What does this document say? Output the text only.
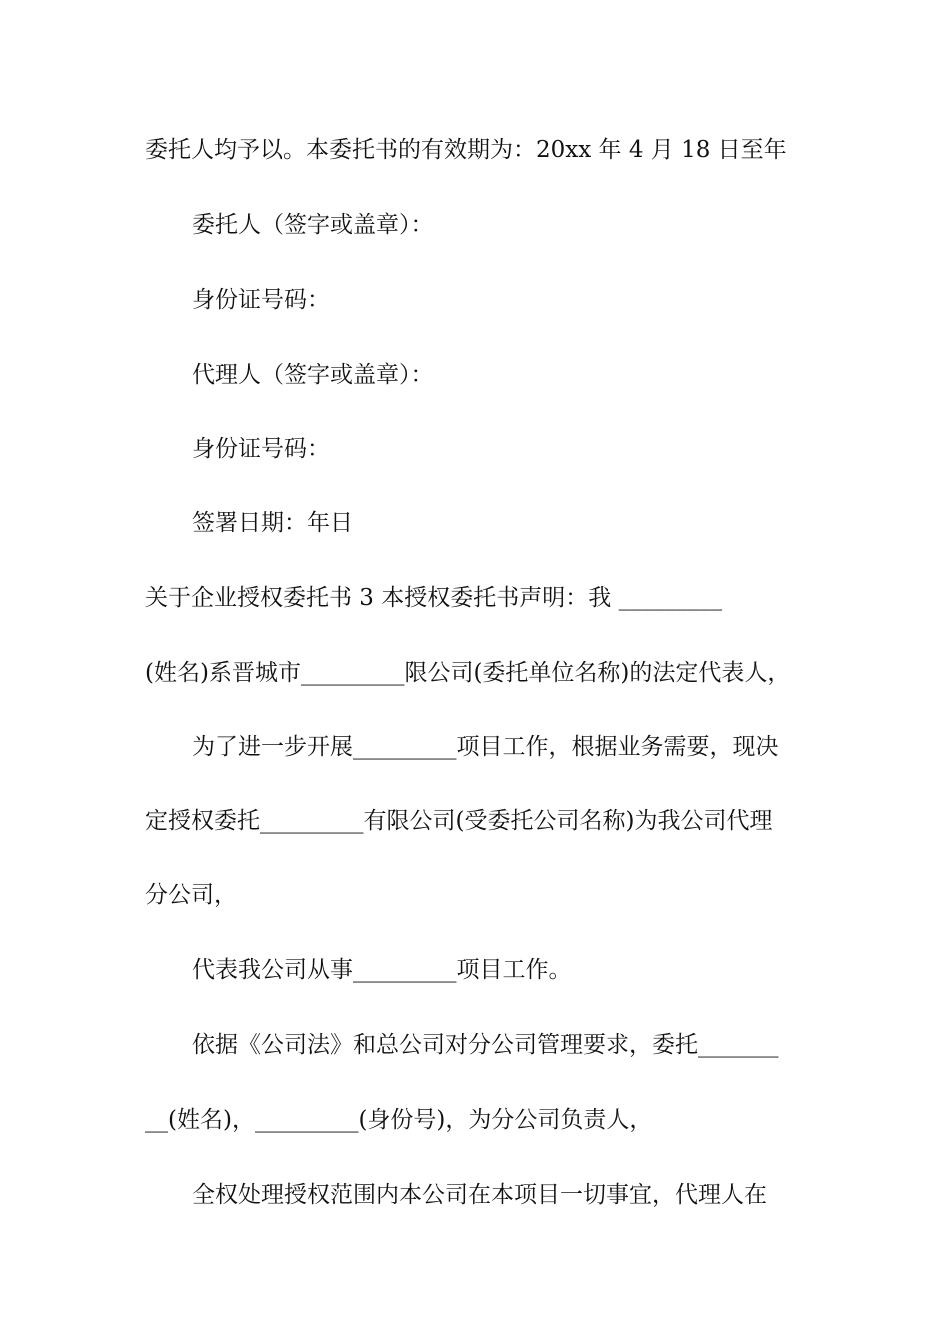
委托人均予以。本委托书的有效期为：20xx 年 4 月 18 日至年
委托人（签字或盖章）：
身份证号码：
代理人（签字或盖章）：
身份证号码：
签署日期：年日
关于企业授权委托书 3 本授权委托书声明：我 _________
(姓名)系晋城市_________限公司(委托单位名称)的法定代表人，
为了进一步开展_________项目工作，根据业务需要，现决
定授权委托_________有限公司(受委托公司名称)为我公司代理
分公司，
代表我公司从事_________项目工作。
依据《公司法》和总公司对分公司管理要求，委托_______
__(姓名)，_________(身份号)，为分公司负责人，
全权处理授权范围内本公司在本项目一切事宜，代理人在
